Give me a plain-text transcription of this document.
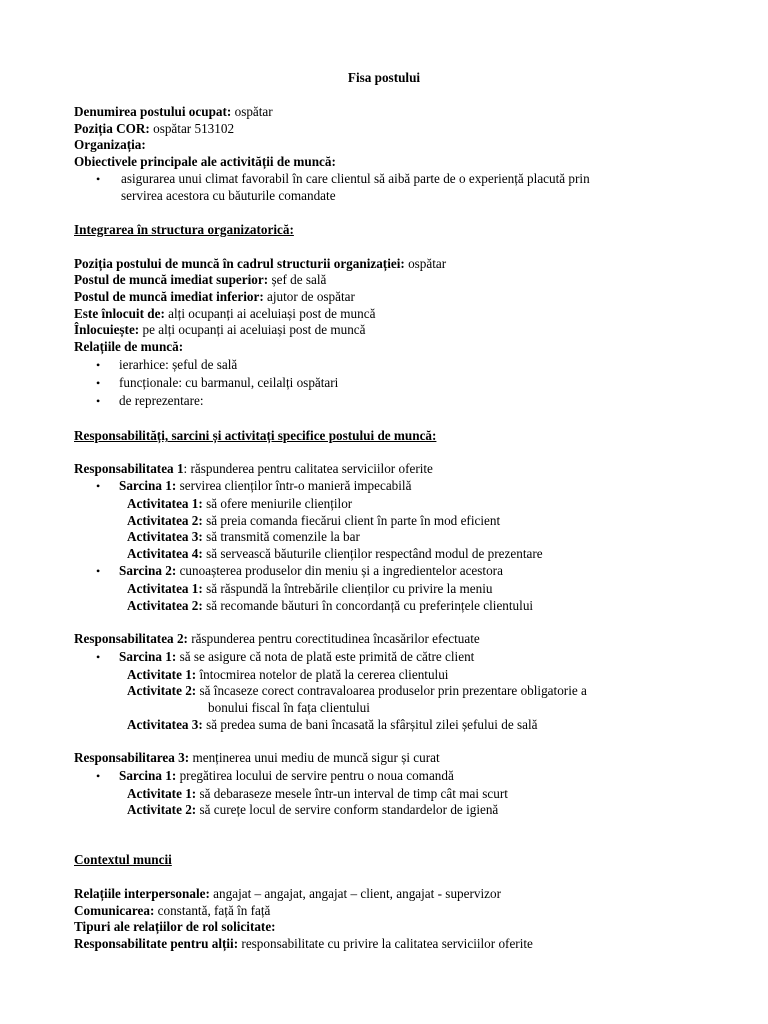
Fisa postului
Denumirea postului ocupat: ospătar
Poziția COR: ospătar 513102
Organizația:
Obiectivele principale ale activității de muncă:
• asigurarea unui climat favorabil în care clientul să aibă parte de o experiență placută prin
servirea acestora cu băuturile comandate
Integrarea în structura organizatorică:
Poziția postului de muncă în cadrul structurii organizației: ospătar
Postul de muncă imediat superior: șef de sală
Postul de muncă imediat inferior: ajutor de ospătar
Este înlocuit de: alți ocupanți ai aceluiași post de muncă
Înlocuiește: pe alți ocupanți ai aceluiași post de muncă
Relațiile de muncă:
• ierarhice: șeful de sală
• funcționale: cu barmanul, ceilalți ospătari
• de reprezentare:
Responsabilități, sarcini și activitați specifice postului de muncă:
Responsabilitatea 1: răspunderea pentru calitatea serviciilor oferite
• Sarcina 1: servirea clienților într-o manieră impecabilă
Activitatea 1: să ofere meniurile clienților
Activitatea 2: să preia comanda fiecărui client în parte în mod eficient
Activitatea 3: să transmită comenzile la bar
Activitatea 4: să servească băuturile clienților respectând modul de prezentare
• Sarcina 2: cunoașterea produselor din meniu și a ingredientelor acestora
Activitatea 1: să răspundă la întrebările clienților cu privire la meniu
Activitatea 2: să recomande băuturi în concordanță cu preferințele clientului
Responsabilitatea 2: răspunderea pentru corectitudinea încasărilor efectuate
• Sarcina 1: să se asigure că nota de plată este primită de către client
Activitate 1: întocmirea notelor de plată la cererea clientului
Activitate 2: să încaseze corect contravaloarea produselor prin prezentare obligatorie a
bonului fiscal în fața clientului
Activitatea 3: să predea suma de bani încasată la sfârșitul zilei șefului de sală
Responsabilitarea 3: menținerea unui mediu de muncă sigur și curat
• Sarcina 1: pregătirea locului de servire pentru o noua comandă
Activitate 1: să debaraseze mesele într-un interval de timp cât mai scurt
Activitate 2: să curețe locul de servire conform standardelor de igienă
Contextul muncii
Relațiile interpersonale: angajat – angajat, angajat – client, angajat - supervizor
Comunicarea: constantă, față în față
Tipuri ale relațiilor de rol solicitate:
Responsabilitate pentru alții: responsabilitate cu privire la calitatea serviciilor oferite
